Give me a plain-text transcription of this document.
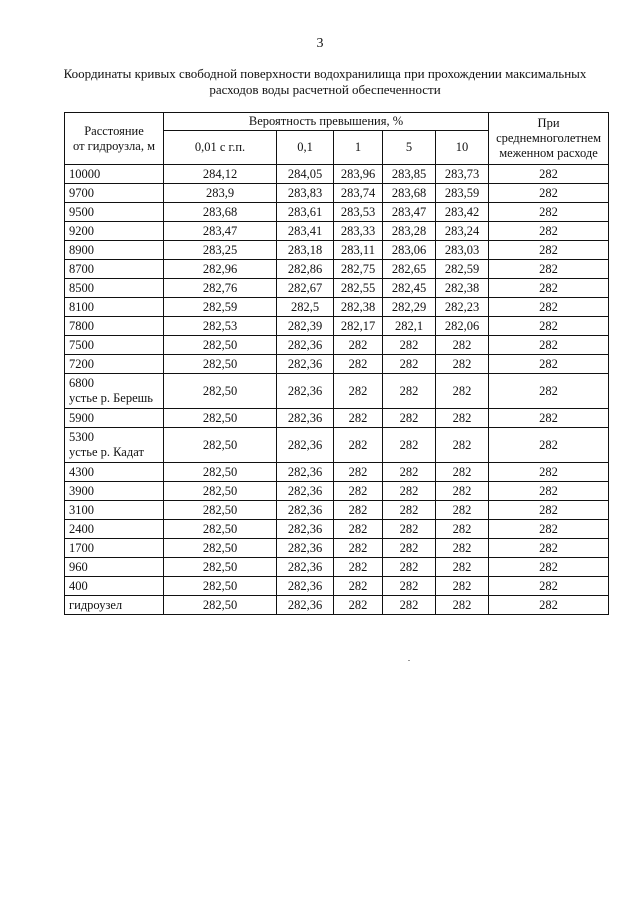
3
Координаты кривых свободной поверхности водохранилища при прохождении максимальных
расходов воды расчетной обеспеченности
Расстояние
от гидроузла, м	Вероятность превышения, %					При
среднемноголетнем
меженном расходе

	0,01 с г.п.	0,1	1	5	10	

10000	284,12	284,05	283,96	283,85	283,73	282

9700	283,9	283,83	283,74	283,68	283,59	282

9500	283,68	283,61	283,53	283,47	283,42	282

9200	283,47	283,41	283,33	283,28	283,24	282

8900	283,25	283,18	283,11	283,06	283,03	282

8700	282,96	282,86	282,75	282,65	282,59	282

8500	282,76	282,67	282,55	282,45	282,38	282

8100	282,59	282,5	282,38	282,29	282,23	282

7800	282,53	282,39	282,17	282,1	282,06	282

7500	282,50	282,36	282	282	282	282

7200	282,50	282,36	282	282	282	282

6800
устье р. Берешь	282,50	282,36	282	282	282	282

5900	282,50	282,36	282	282	282	282

5300
устье р. Кадат	282,50	282,36	282	282	282	282

4300	282,50	282,36	282	282	282	282

3900	282,50	282,36	282	282	282	282

3100	282,50	282,36	282	282	282	282

2400	282,50	282,36	282	282	282	282

1700	282,50	282,36	282	282	282	282

960	282,50	282,36	282	282	282	282

400	282,50	282,36	282	282	282	282

гидроузел	282,50	282,36	282	282	282	282
